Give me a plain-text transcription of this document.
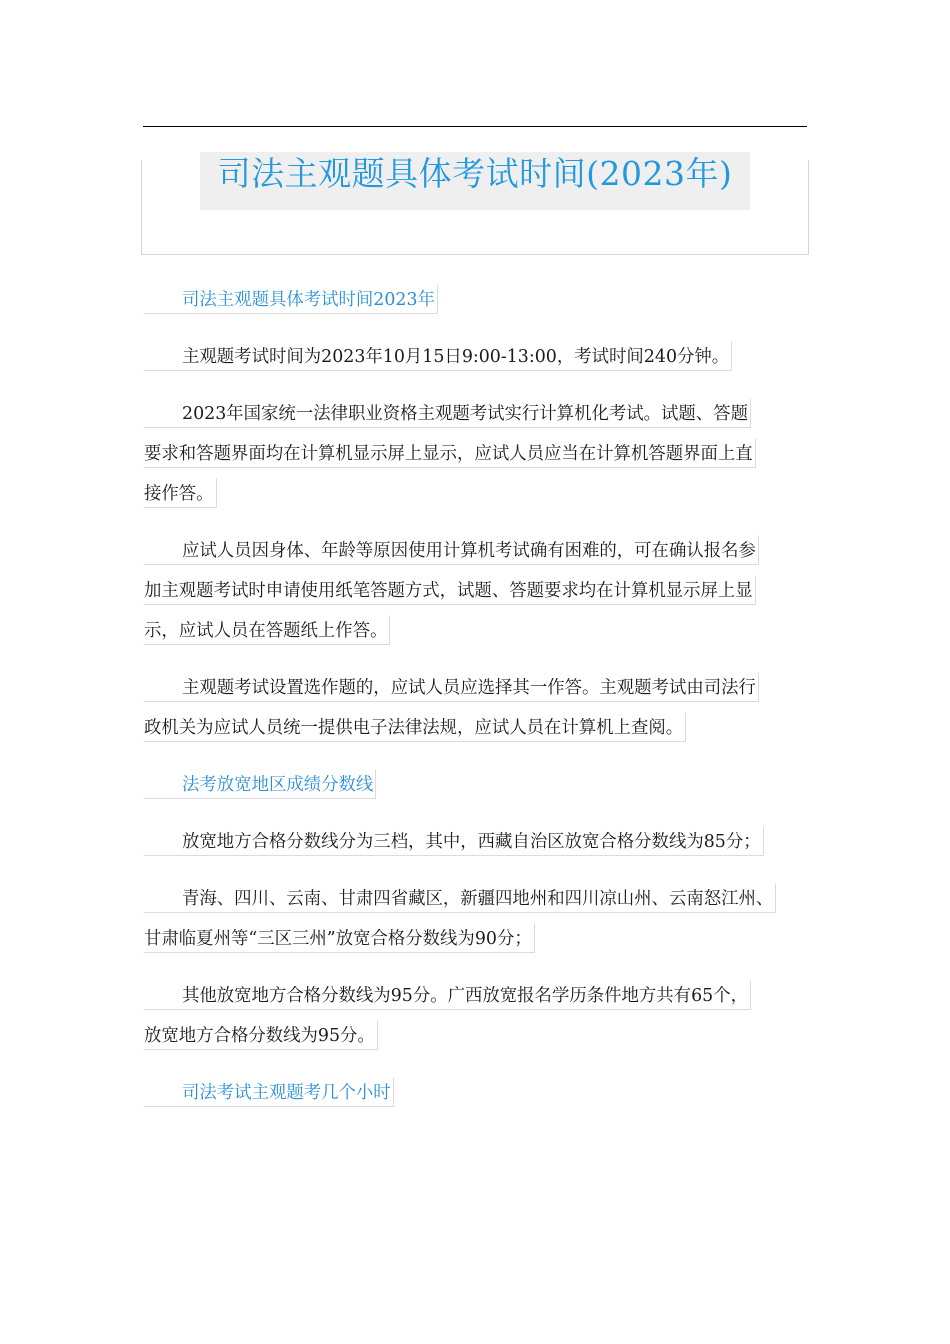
司法主观题具体考试时间(2023年)
司法主观题具体考试时间2023年
主观题考试时间为2023年10月15日9:00-13:00，考试时间240分钟。
2023年国家统一法律职业资格主观题考试实行计算机化考试。试题、答题
要求和答题界面均在计算机显示屏上显示，应试人员应当在计算机答题界面上直
接作答。
应试人员因身体、年龄等原因使用计算机考试确有困难的，可在确认报名参
加主观题考试时申请使用纸笔答题方式，试题、答题要求均在计算机显示屏上显
示，应试人员在答题纸上作答。
主观题考试设置选作题的，应试人员应选择其一作答。主观题考试由司法行
政机关为应试人员统一提供电子法律法规，应试人员在计算机上查阅。
法考放宽地区成绩分数线
放宽地方合格分数线分为三档，其中，西藏自治区放宽合格分数线为85分；
青海、四川、云南、甘肃四省藏区，新疆四地州和四川凉山州、云南怒江州、
甘肃临夏州等“三区三州”放宽合格分数线为90分；
其他放宽地方合格分数线为95分。广西放宽报名学历条件地方共有65个，
放宽地方合格分数线为95分。
司法考试主观题考几个小时
